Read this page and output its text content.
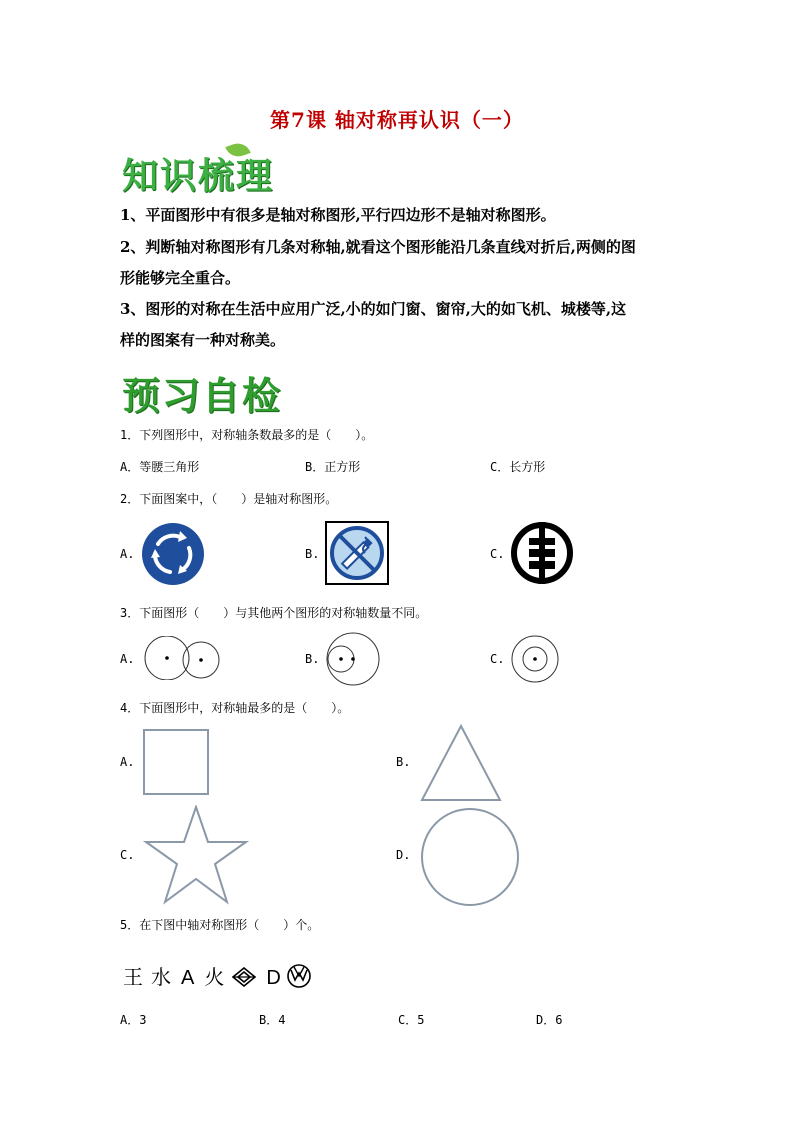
第7课 轴对称再认识（一）
知识梳理
1、平面图形中有很多是轴对称图形,平行四边形不是轴对称图形。
2、判断轴对称图形有几条对称轴,就看这个图形能沿几条直线对折后,两侧的图
形能够完全重合。
3、图形的对称在生活中应用广泛,小的如门窗、窗帘,大的如飞机、城楼等,这
样的图案有一种对称美。
预习自检
1．下列图形中，对称轴条数最多的是（　　）。
A．等腰三角形	B．正方形	C．长方形
2．下面图案中，（　　）是轴对称图形。
A.	B.	C.
3．下面图形（　　）与其他两个图形的对称轴数量不同。
A.	B.	C.
4．下面图形中，对称轴最多的是（　　）。
A.	B.
C.	D.
5．在下图中轴对称图形（　　）个。
王 水 A 火 D
A．3	B．4	C．5	D．6
